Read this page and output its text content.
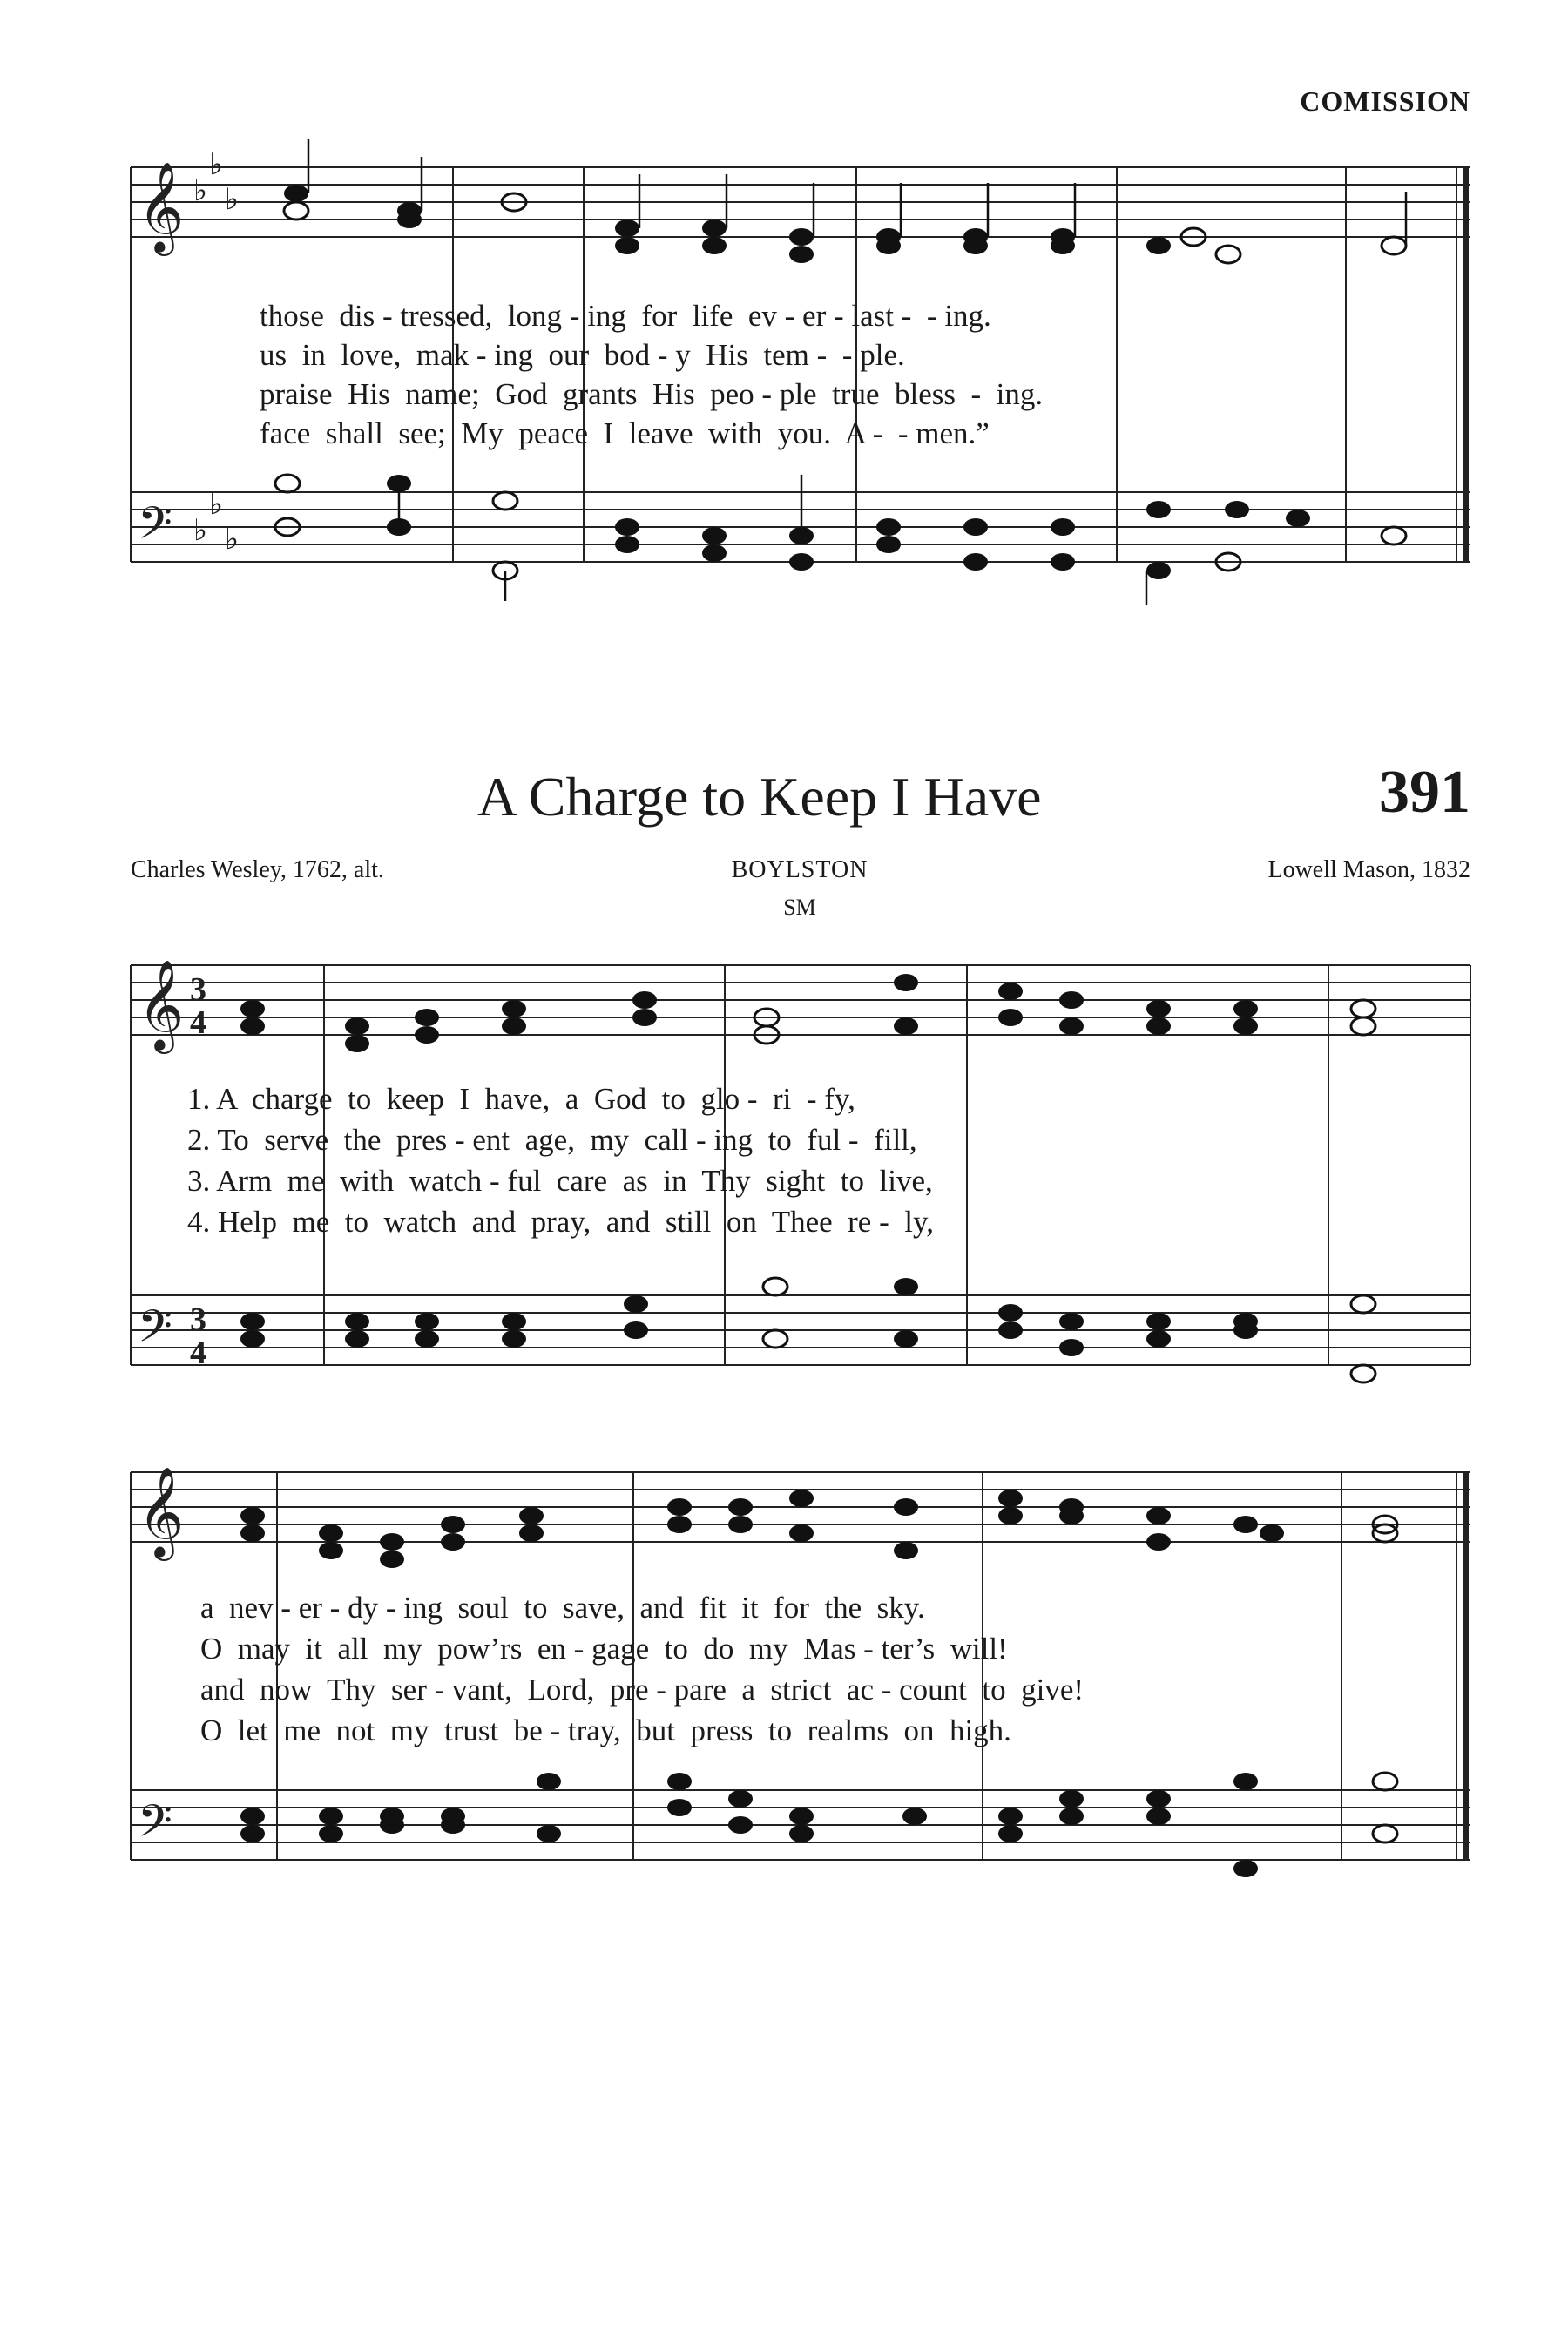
COMISSION
𝄞
𝄢
𝄞
𝄢
𝄞
𝄢
♭
♭
♭
♭
♭
♭
3
4
3
4
those  dis - tressed,  long - ing  for  life  ev - er - last -  - ing.
us  in  love,  mak - ing  our  bod - y  His  tem -  - ple.
praise  His  name;  God  grants  His  peo - ple  true  bless  -  ing.
face  shall  see;  My  peace  I  leave  with  you.  A -  - men.”
A Charge to Keep I Have	391
Charles Wesley, 1762, alt.	BOYLSTON
SM
Lowell Mason, 1832
1. A  charge  to  keep  I  have,  a  God  to  glo -  ri  - fy,
2. To  serve  the  pres - ent  age,  my  call - ing  to  ful -  fill,
3. Arm  me  with  watch - ful  care  as  in  Thy  sight  to  live,
4. Help  me  to  watch  and  pray,  and  still  on  Thee  re -  ly,
a  nev - er - dy - ing  soul  to  save,  and  fit  it  for  the  sky.
O  may  it  all  my  pow’rs  en - gage  to  do  my  Mas - ter’s  will!
and  now  Thy  ser - vant,  Lord,  pre - pare  a  strict  ac - count  to  give!
O  let  me  not  my  trust  be - tray,  but  press  to  realms  on  high.
